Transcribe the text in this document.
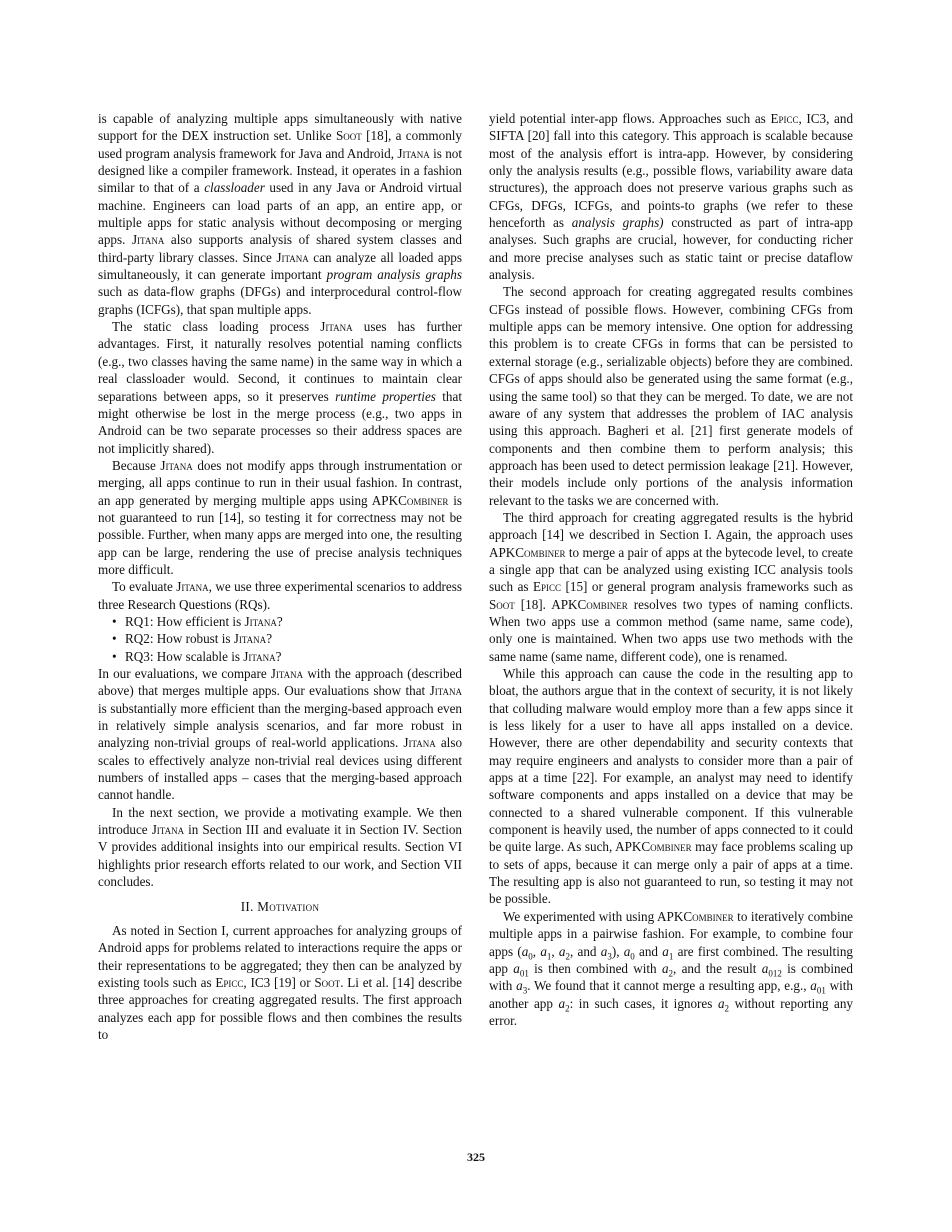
is capable of analyzing multiple apps simultaneously with native support for the DEX instruction set. Unlike Soot [18], a commonly used program analysis framework for Java and Android, Jitana is not designed like a compiler framework. Instead, it operates in a fashion similar to that of a classloader used in any Java or Android virtual machine. Engineers can load parts of an app, an entire app, or multiple apps for static analysis without decomposing or merging apps. Jitana also supports analysis of shared system classes and third-party library classes. Since Jitana can analyze all loaded apps simultaneously, it can generate important program analysis graphs such as data-flow graphs (DFGs) and interprocedural control-flow graphs (ICFGs), that span multiple apps.

The static class loading process Jitana uses has further advantages. First, it naturally resolves potential naming conflicts (e.g., two classes having the same name) in the same way in which a real classloader would. Second, it continues to maintain clear separations between apps, so it preserves runtime properties that might otherwise be lost in the merge process (e.g., two apps in Android can be two separate processes so their address spaces are not implicitly shared).

Because Jitana does not modify apps through instrumentation or merging, all apps continue to run in their usual fashion. In contrast, an app generated by merging multiple apps using APKCombiner is not guaranteed to run [14], so testing it for correctness may not be possible. Further, when many apps are merged into one, the resulting app can be large, rendering the use of precise analysis techniques more difficult.

To evaluate Jitana, we use three experimental scenarios to address three Research Questions (RQs).

• RQ1: How efficient is Jitana?
• RQ2: How robust is Jitana?
• RQ3: How scalable is Jitana?

In our evaluations, we compare Jitana with the approach (described above) that merges multiple apps. Our evaluations show that Jitana is substantially more efficient than the merging-based approach even in relatively simple analysis scenarios, and far more robust in analyzing non-trivial groups of real-world applications. Jitana also scales to effectively analyze non-trivial real devices using different numbers of installed apps – cases that the merging-based approach cannot handle.

In the next section, we provide a motivating example. We then introduce Jitana in Section III and evaluate it in Section IV. Section V provides additional insights into our empirical results. Section VI highlights prior research efforts related to our work, and Section VII concludes.

II. Motivation

As noted in Section I, current approaches for analyzing groups of Android apps for problems related to interactions require the apps or their representations to be aggregated; they then can be analyzed by existing tools such as Epicc, IC3 [19] or Soot. Li et al. [14] describe three approaches for creating aggregated results. The first approach analyzes each app for possible flows and then combines the results to

yield potential inter-app flows. Approaches such as Epicc, IC3, and SIFTA [20] fall into this category. This approach is scalable because most of the analysis effort is intra-app. However, by considering only the analysis results (e.g., possible flows, variability aware data structures), the approach does not preserve various graphs such as CFGs, DFGs, ICFGs, and points-to graphs (we refer to these henceforth as analysis graphs) constructed as part of intra-app analyses. Such graphs are crucial, however, for conducting richer and more precise analyses such as static taint or precise dataflow analysis.

The second approach for creating aggregated results combines CFGs instead of possible flows. However, combining CFGs from multiple apps can be memory intensive. One option for addressing this problem is to create CFGs in forms that can be persisted to external storage (e.g., serializable objects) before they are combined. CFGs of apps should also be generated using the same format (e.g., using the same tool) so that they can be merged. To date, we are not aware of any system that addresses the problem of IAC analysis using this approach. Bagheri et al. [21] first generate models of components and then combine them to perform analysis; this approach has been used to detect permission leakage [21]. However, their models include only portions of the analysis information relevant to the tasks we are concerned with.

The third approach for creating aggregated results is the hybrid approach [14] we described in Section I. Again, the approach uses APKCombiner to merge a pair of apps at the bytecode level, to create a single app that can be analyzed using existing ICC analysis tools such as Epicc [15] or general program analysis frameworks such as Soot [18]. APKCombiner resolves two types of naming conflicts. When two apps use a common method (same name, same code), only one is maintained. When two apps use two methods with the same name (same name, different code), one is renamed.

While this approach can cause the code in the resulting app to bloat, the authors argue that in the context of security, it is not likely that colluding malware would employ more than a few apps since it is less likely for a user to have all apps installed on a device. However, there are other dependability and security contexts that may require engineers and analysts to consider more than a pair of apps at a time [22]. For example, an analyst may need to identify software components and apps installed on a device that may be connected to a shared vulnerable component. If this vulnerable component is heavily used, the number of apps connected to it could be quite large. As such, APKCombiner may face problems scaling up to sets of apps, because it can merge only a pair of apps at a time. The resulting app is also not guaranteed to run, so testing it may not be possible.

We experimented with using APKCombiner to iteratively combine multiple apps in a pairwise fashion. For example, to combine four apps ($a_0$, $a_1$, $a_2$, and $a_3$), $a_0$ and $a_1$ are first combined. The resulting app $a_{01}$ is then combined with $a_2$, and the result $a_{012}$ is combined with $a_3$. We found that it cannot merge a resulting app, e.g., $a_{01}$ with another app $a_2$: in such cases, it ignores $a_2$ without reporting any error.

325
